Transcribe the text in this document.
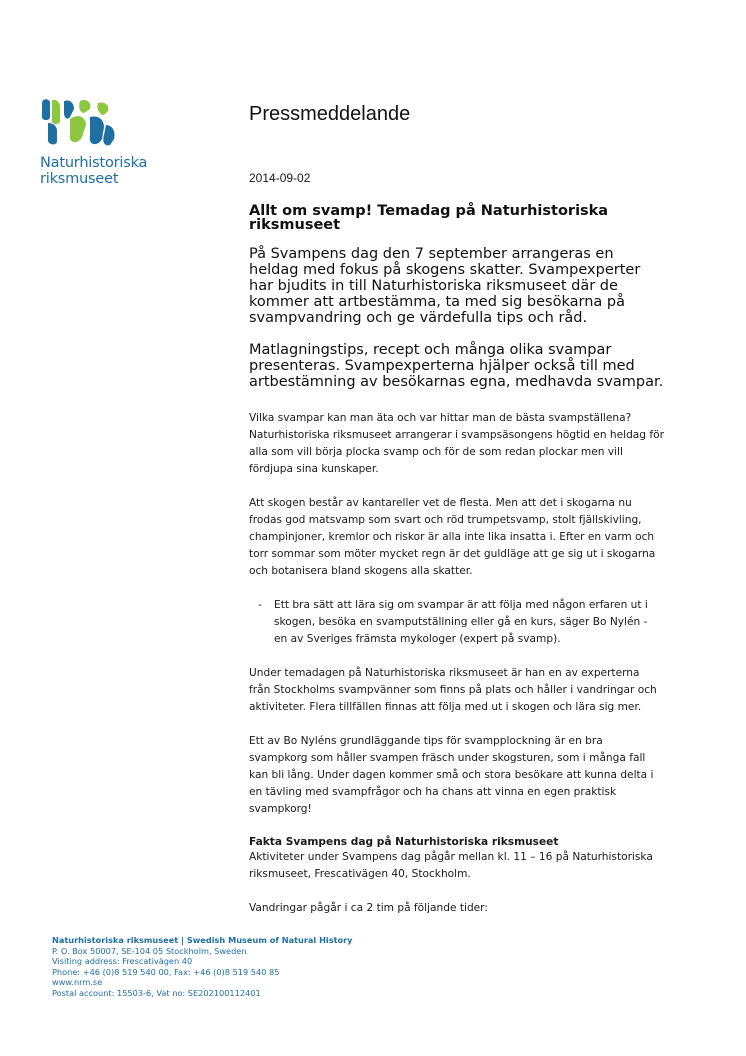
Naturhistoriska
riksmuseet
Pressmeddelande

2014-09-02

Allt om svamp! Temadag på Naturhistoriska riksmuseet

På Svampens dag den 7 september arrangeras en heldag med fokus på skogens skatter. Svampexperter har bjudits in till Naturhistoriska riksmuseet där de kommer att artbestämma, ta med sig besökarna på svampvandring och ge värdefulla tips och råd.

Matlagningstips, recept och många olika svampar presenteras. Svampexperterna hjälper också till med artbestämning av besökarnas egna, medhavda svampar.

Vilka svampar kan man äta och var hittar man de bästa svampställena? Naturhistoriska riksmuseet arrangerar i svampsäsongens högtid en heldag för alla som vill börja plocka svamp och för de som redan plockar men vill fördjupa sina kunskaper.

Att skogen består av kantareller vet de flesta. Men att det i skogarna nu frodas god matsvamp som svart och röd trumpetsvamp, stolt fjällskivling, champinjoner, kremlor och riskor är alla inte lika insatta i. Efter en varm och torr sommar som möter mycket regn är det guldläge att ge sig ut i skogarna och botanisera bland skogens alla skatter.

- Ett bra sätt att lära sig om svampar är att följa med någon erfaren ut i skogen, besöka en svamputställning eller gå en kurs, säger Bo Nylén - en av Sveriges främsta mykologer (expert på svamp).

Under temadagen på Naturhistoriska riksmuseet är han en av experterna från Stockholms svampvänner som finns på plats och håller i vandringar och aktiviteter. Flera tillfällen finnas att följa med ut i skogen och lära sig mer.

Ett av Bo Nyléns grundläggande tips för svampplockning är en bra svampkorg som håller svampen fräsch under skogsturen, som i många fall kan bli lång. Under dagen kommer små och stora besökare att kunna delta i en tävling med svampfrågor och ha chans att vinna en egen praktisk svampkorg!

Fakta Svampens dag på Naturhistoriska riksmuseet

Aktiviteter under Svampens dag pågår mellan kl. 11 – 16 på Naturhistoriska riksmuseet, Frescativägen 40, Stockholm.

Vandringar pågår i ca 2 tim på följande tider:

Naturhistoriska riksmuseet | Swedish Museum of Natural History
P. O. Box 50007, SE-104 05 Stockholm, Sweden
Visiting address: Frescativägen 40
Phone: +46 (0)8 519 540 00, Fax: +46 (0)8 519 540 85
www.nrm.se
Postal account: 15503-6, Vat no: SE202100112401
